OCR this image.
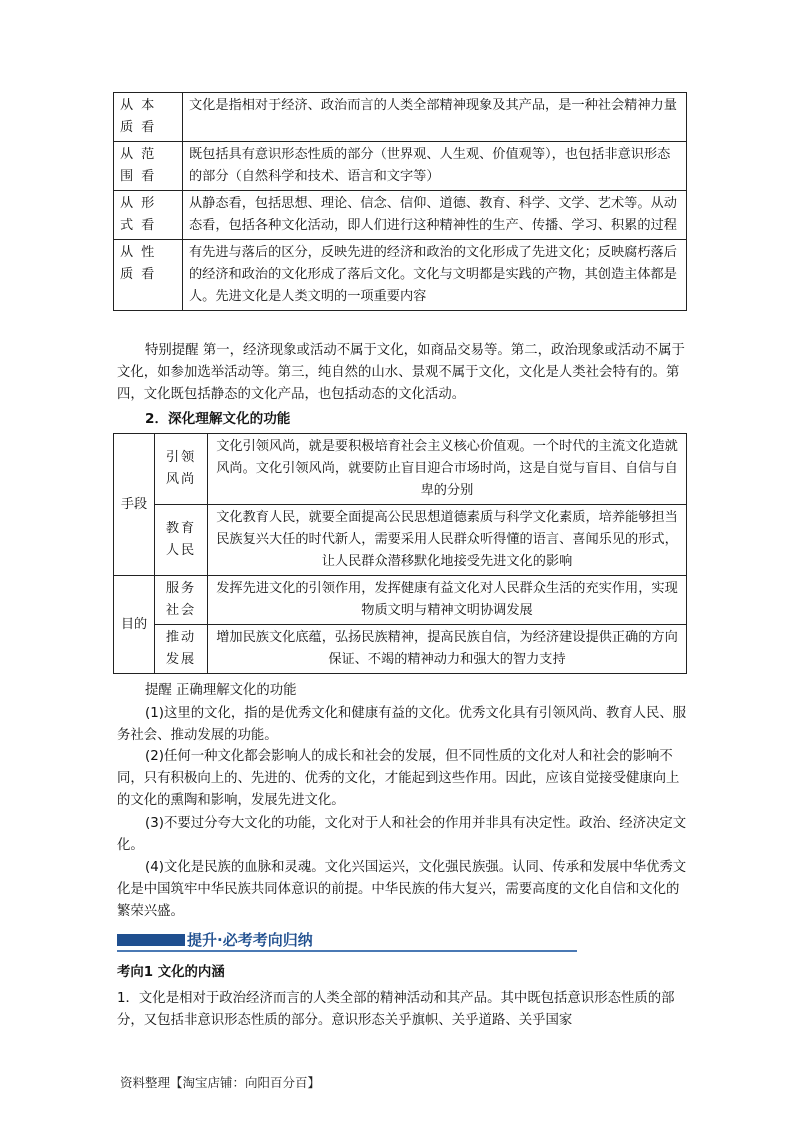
从本质看	文化是指相对于经济、政治而言的人类全部精神现象及其产品，是一种社会精神力量
从范围看	既包括具有意识形态性质的部分（世界观、人生观、价值观等），也包括非意识形态的部分（自然科学和技术、语言和文字等）
从形式看	从静态看，包括思想、理论、信念、信仰、道德、教育、科学、文学、艺术等。从动态看，包括各种文化活动，即人们进行这种精神性的生产、传播、学习、积累的过程
从性质看	有先进与落后的区分，反映先进的经济和政治的文化形成了先进文化；反映腐朽落后的经济和政治的文化形成了落后文化。文化与文明都是实践的产物，其创造主体都是人。先进文化是人类文明的一项重要内容
特别提醒 第一，经济现象或活动不属于文化，如商品交易等。第二，政治现象或活动不属于文化，如参加选举活动等。第三，纯自然的山水、景观不属于文化，文化是人类社会特有的。第四，文化既包括静态的文化产品，也包括动态的文化活动。
2．深化理解文化的功能
手段	引领风尚	文化引领风尚，就是要积极培育社会主义核心价值观。一个时代的主流文化造就风尚。文化引领风尚，就要防止盲目迎合市场时尚，这是自觉与盲目、自信与自卑的分别
	教育人民	文化教育人民，就要全面提高公民思想道德素质与科学文化素质，培养能够担当民族复兴大任的时代新人，需要采用人民群众听得懂的语言、喜闻乐见的形式，让人民群众潜移默化地接受先进文化的影响
目的	服务社会	发挥先进文化的引领作用，发挥健康有益文化对人民群众生活的充实作用，实现物质文明与精神文明协调发展
	推动发展	增加民族文化底蕴，弘扬民族精神，提高民族自信，为经济建设提供正确的方向保证、不竭的精神动力和强大的智力支持
提醒 正确理解文化的功能
(1)这里的文化，指的是优秀文化和健康有益的文化。优秀文化具有引领风尚、教育人民、服务社会、推动发展的功能。
(2)任何一种文化都会影响人的成长和社会的发展，但不同性质的文化对人和社会的影响不同，只有积极向上的、先进的、优秀的文化，才能起到这些作用。因此，应该自觉接受健康向上的文化的熏陶和影响，发展先进文化。
(3)不要过分夸大文化的功能，文化对于人和社会的作用并非具有决定性。政治、经济决定文化。
(4)文化是民族的血脉和灵魂。文化兴国运兴，文化强民族强。认同、传承和发展中华优秀文化是中国筑牢中华民族共同体意识的前提。中华民族的伟大复兴，需要高度的文化自信和文化的繁荣兴盛。
提升·必考考向归纳
考向1 文化的内涵
1．文化是相对于政治经济而言的人类全部的精神活动和其产品。其中既包括意识形态性质的部分，又包括非意识形态性质的部分。意识形态关乎旗帜、关乎道路、关乎国家
资料整理【淘宝店铺：向阳百分百】
